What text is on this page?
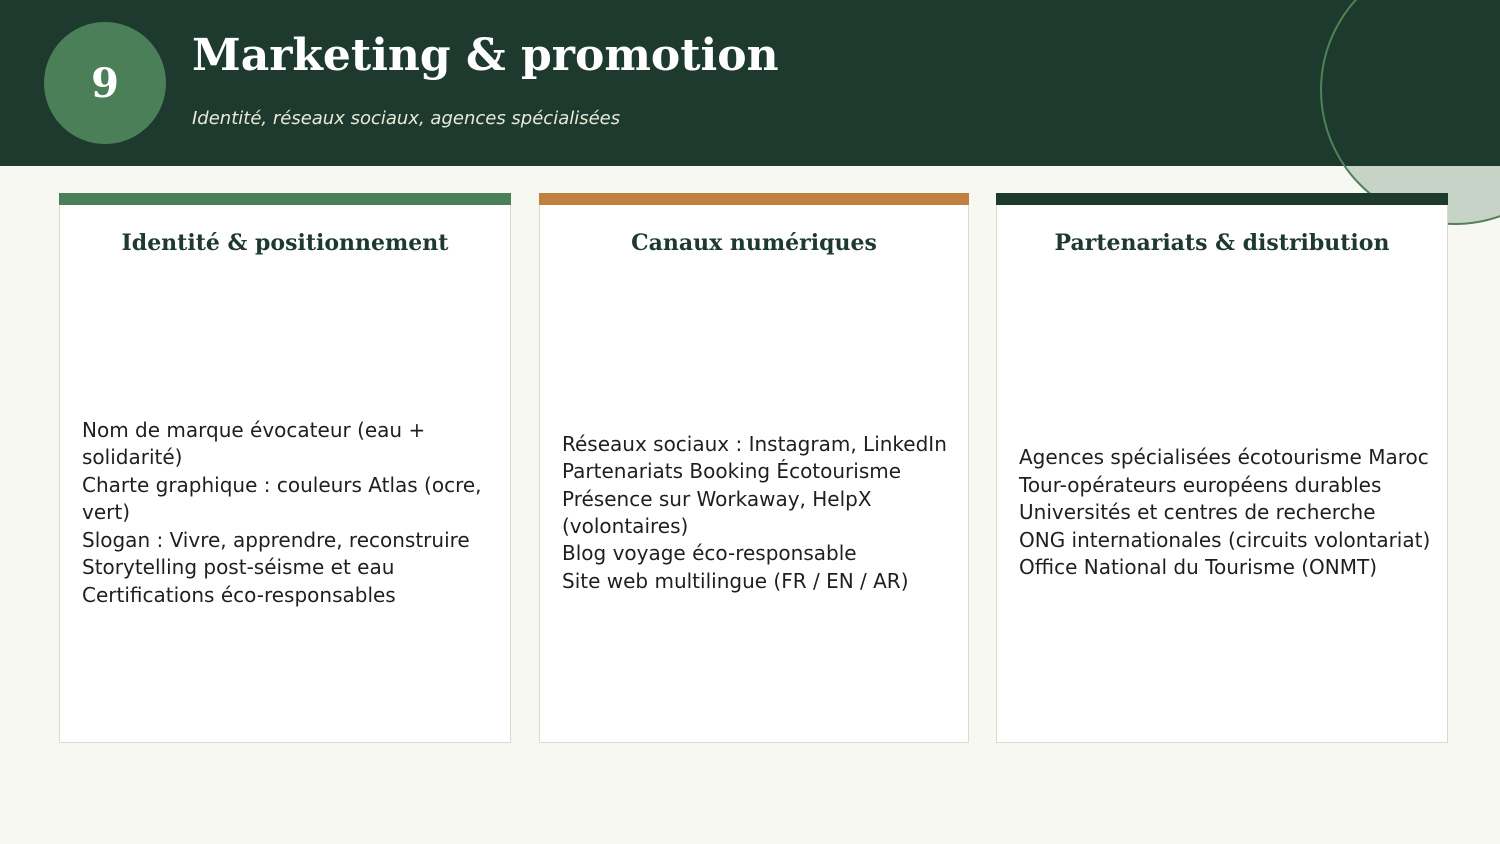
9
Marketing & promotion
Identité, réseaux sociaux, agences spécialisées
Identité & positionnement
Nom de marque évocateur (eau +
solidarité)
Charte graphique : couleurs Atlas (ocre,
vert)
Slogan : Vivre, apprendre, reconstruire
Storytelling post-séisme et eau
Certifications éco-responsables
Canaux numériques
Réseaux sociaux : Instagram, LinkedIn
Partenariats Booking Écotourisme
Présence sur Workaway, HelpX
(volontaires)
Blog voyage éco-responsable
Site web multilingue (FR / EN / AR)
Partenariats & distribution
Agences spécialisées écotourisme Maroc
Tour-opérateurs européens durables
Universités et centres de recherche
ONG internationales (circuits volontariat)
Office National du Tourisme (ONMT)
